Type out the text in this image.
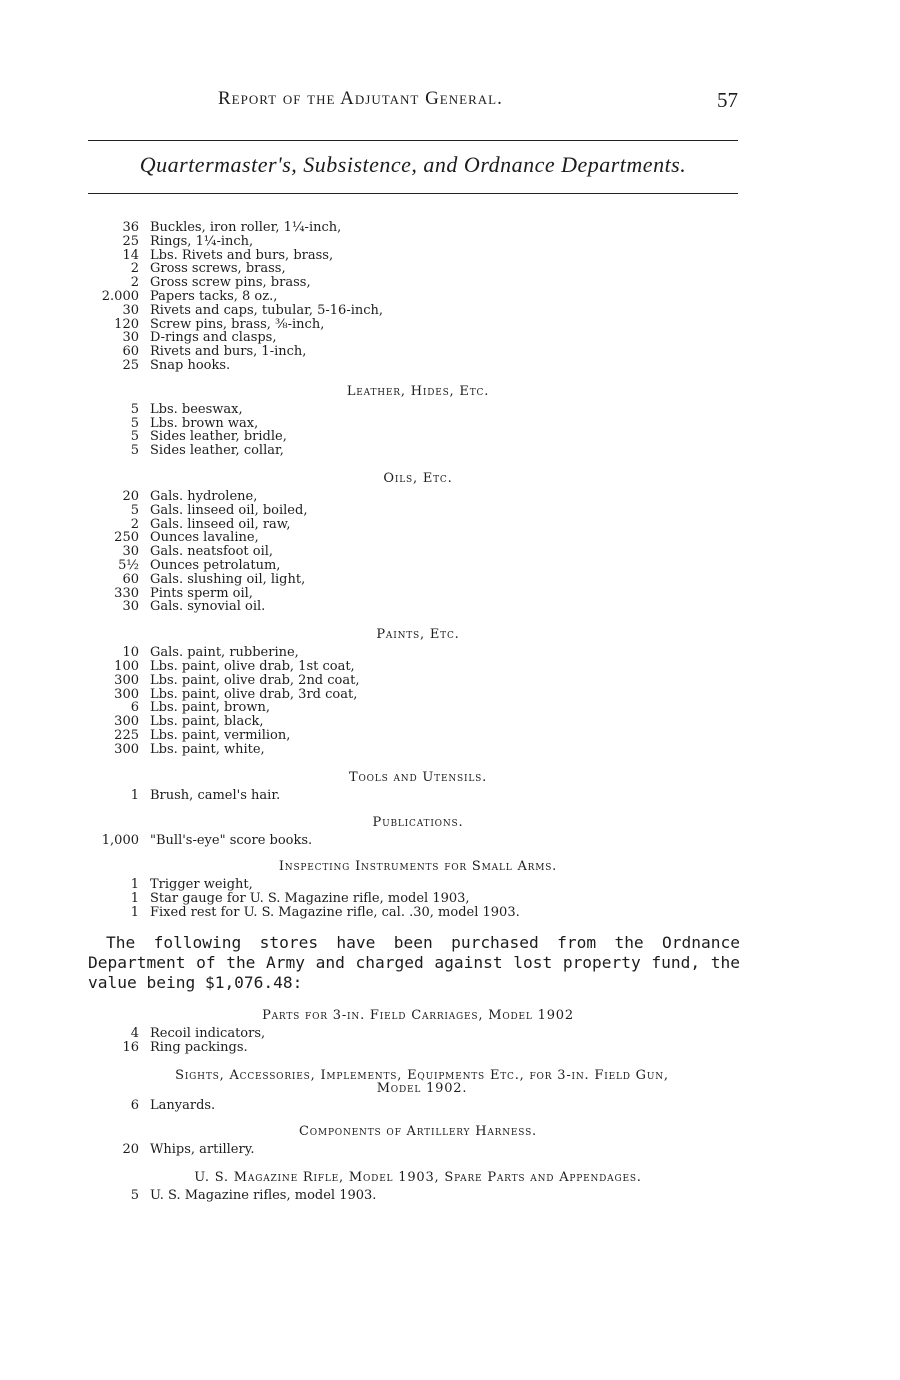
Report of the Adjutant General.	57
Quartermaster's, Subsistence, and Ordnance Departments.
36 Buckles, iron roller, 1¼-inch,
25 Rings, 1¼-inch,
14 Lbs. Rivets and burs, brass,
2 Gross screws, brass,
2 Gross screw pins, brass,
2.000 Papers tacks, 8 oz.,
30 Rivets and caps, tubular, 5-16-inch,
120 Screw pins, brass, ⅜-inch,
30 D-rings and clasps,
60 Rivets and burs, 1-inch,
25 Snap hooks.
Leather, Hides, Etc.
5 Lbs. beeswax,
5 Lbs. brown wax,
5 Sides leather, bridle,
5 Sides leather, collar,
Oils, Etc.
20 Gals. hydrolene,
5 Gals. linseed oil, boiled,
2 Gals. linseed oil, raw,
250 Ounces lavaline,
30 Gals. neatsfoot oil,
5½ Ounces petrolatum,
60 Gals. slushing oil, light,
330 Pints sperm oil,
30 Gals. synovial oil.
Paints, Etc.
10 Gals. paint, rubberine,
100 Lbs. paint, olive drab, 1st coat,
300 Lbs. paint, olive drab, 2nd coat,
300 Lbs. paint, olive drab, 3rd coat,
6 Lbs. paint, brown,
300 Lbs. paint, black,
225 Lbs. paint, vermilion,
300 Lbs. paint, white,
Tools and Utensils.
1 Brush, camel's hair.
Publications.
1,000 "Bull's-eye" score books.
Inspecting Instruments for Small Arms.
1 Trigger weight,
1 Star gauge for U. S. Magazine rifle, model 1903,
1 Fixed rest for U. S. Magazine rifle, cal. .30, model 1903.

The following stores have been purchased from the Ordnance Department of the Army and charged against lost property fund, the value being $1,076.48:

Parts for 3-in. Field Carriages, Model 1902
4 Recoil indicators,
16 Ring packings.
Sights, Accessories, Implements, Equipments Etc., for 3-in. Field Gun,
Model 1902.
6 Lanyards.
Components of Artillery Harness.
20 Whips, artillery.
U. S. Magazine Rifle, Model 1903, Spare Parts and Appendages.
5 U. S. Magazine rifles, model 1903.
